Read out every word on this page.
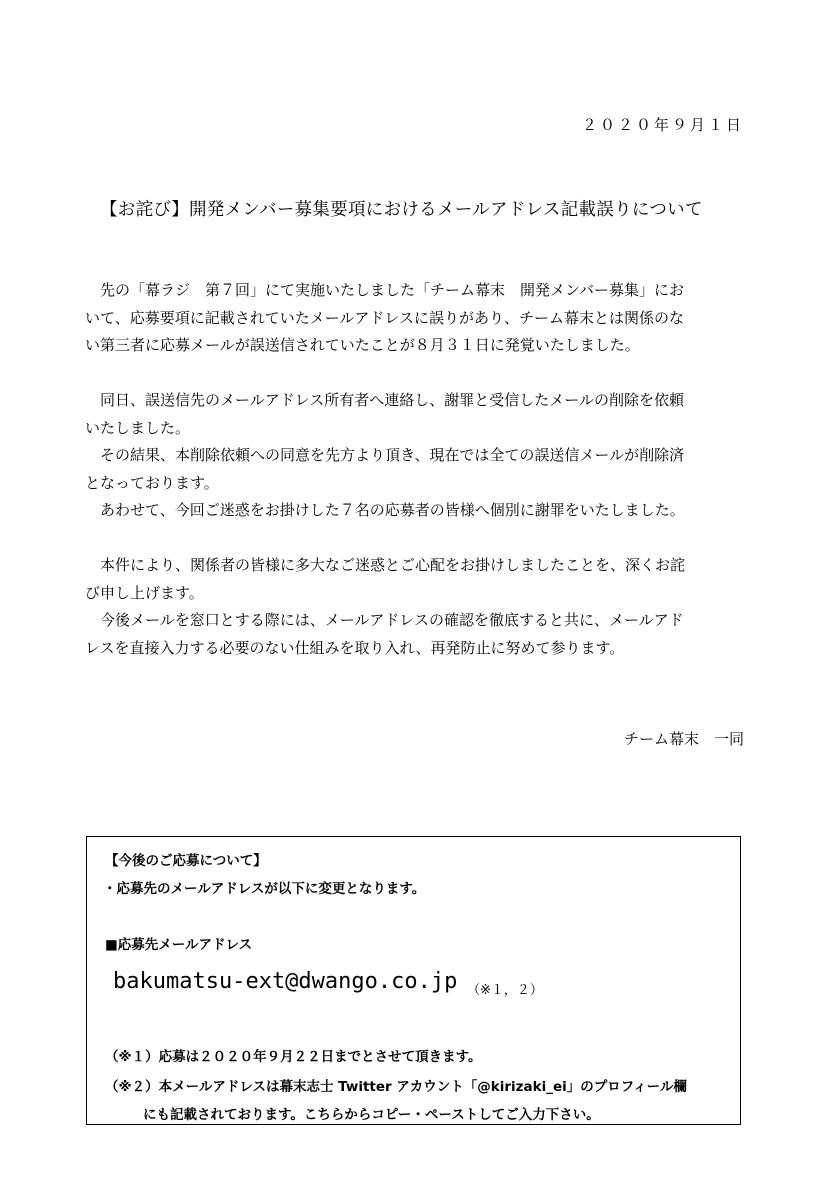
２０２０年９月１日
【お詫び】開発メンバー募集要項におけるメールアドレス記載誤りについて
先の「幕ラジ　第７回」にて実施いたしました「チーム幕末　開発メンバー募集」にお
いて、応募要項に記載されていたメールアドレスに誤りがあり、チーム幕末とは関係のな
い第三者に応募メールが誤送信されていたことが８月３１日に発覚いたしました。
同日、誤送信先のメールアドレス所有者へ連絡し、謝罪と受信したメールの削除を依頼
いたしました。
その結果、本削除依頼への同意を先方より頂き、現在では全ての誤送信メールが削除済
となっております。
あわせて、今回ご迷惑をお掛けした７名の応募者の皆様へ個別に謝罪をいたしました。
本件により、関係者の皆様に多大なご迷惑とご心配をお掛けしましたことを、深くお詫
び申し上げます。
今後メールを窓口とする際には、メールアドレスの確認を徹底すると共に、メールアド
レスを直接入力する必要のない仕組みを取り入れ、再発防止に努めて参ります。
チーム幕末　一同
【今後のご応募について】
・応募先のメールアドレスが以下に変更となります。
■応募先メールアドレス
bakumatsu-ext@dwango.co.jp （※１，２）
（※１）応募は２０２０年９月２２日までとさせて頂きます。
（※２）本メールアドレスは幕末志士 Twitter アカウント「@kirizaki_ei」のプロフィール欄
にも記載されております。こちらからコピー・ペーストしてご入力下さい。
